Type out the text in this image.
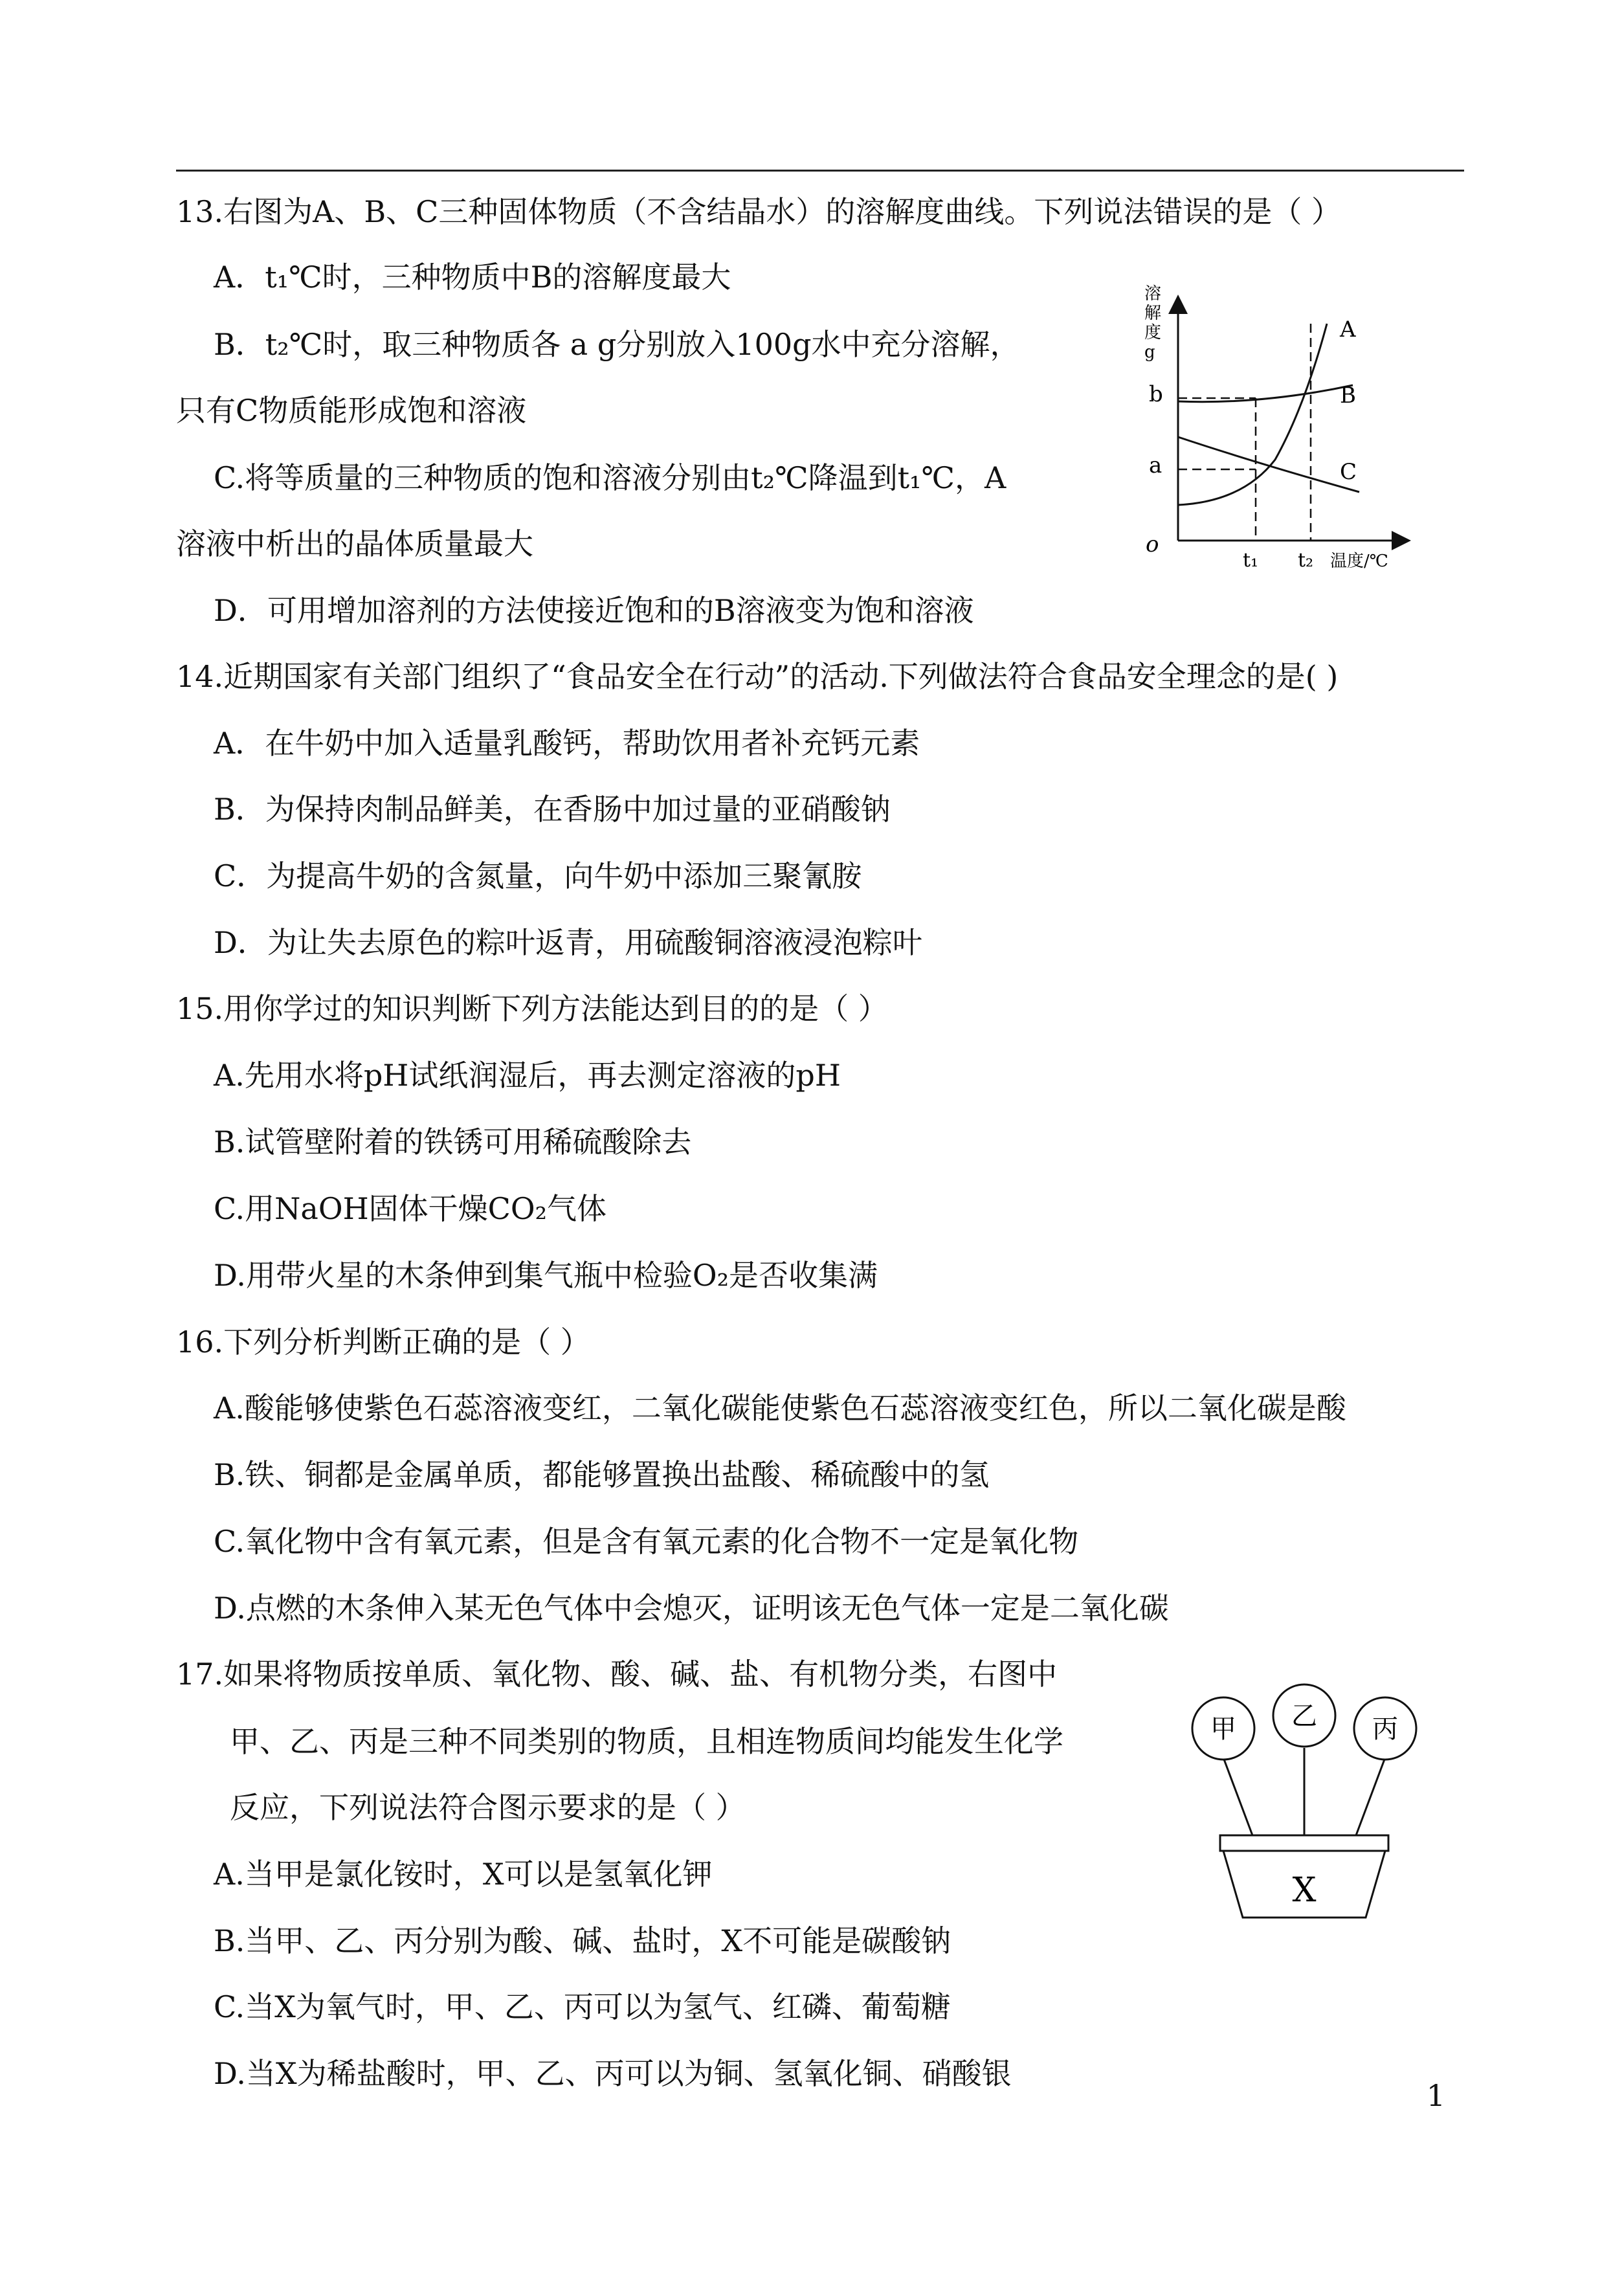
13.右图为A、B、C三种固体物质（不含结晶水）的溶解度曲线。下列说法错误的是（ ）
A．t₁℃时，三种物质中B的溶解度最大
B．t₂℃时，取三种物质各 a g分别放入100g水中充分溶解，
只有C物质能形成饱和溶液
C.将等质量的三种物质的饱和溶液分别由t₂℃降温到t₁℃，A
溶液中析出的晶体质量最大
D．可用增加溶剂的方法使接近饱和的B溶液变为饱和溶液
溶 解 度 g
b
a
o
t₁ t₂ 温度/℃
A
B
C
14.近期国家有关部门组织了“食品安全在行动”的活动.下列做法符合食品安全理念的是( )
A．在牛奶中加入适量乳酸钙，帮助饮用者补充钙元素
B．为保持肉制品鲜美，在香肠中加过量的亚硝酸钠
C．为提高牛奶的含氮量，向牛奶中添加三聚氰胺
D．为让失去原色的粽叶返青，用硫酸铜溶液浸泡粽叶
15.用你学过的知识判断下列方法能达到目的的是（ ）
A.先用水将pH试纸润湿后，再去测定溶液的pH
B.试管壁附着的铁锈可用稀硫酸除去
C.用NaOH固体干燥CO₂气体
D.用带火星的木条伸到集气瓶中检验O₂是否收集满
16.下列分析判断正确的是（ ）
A.酸能够使紫色石蕊溶液变红，二氧化碳能使紫色石蕊溶液变红色，所以二氧化碳是酸
B.铁、铜都是金属单质，都能够置换出盐酸、稀硫酸中的氢
C.氧化物中含有氧元素，但是含有氧元素的化合物不一定是氧化物
D.点燃的木条伸入某无色气体中会熄灭，证明该无色气体一定是二氧化碳
17.如果将物质按单质、氧化物、酸、碱、盐、有机物分类，右图中
甲、乙、丙是三种不同类别的物质，且相连物质间均能发生化学
反应，下列说法符合图示要求的是（ ）
A.当甲是氯化铵时，X可以是氢氧化钾
B.当甲、乙、丙分别为酸、碱、盐时，X不可能是碳酸钠
C.当X为氧气时，甲、乙、丙可以为氢气、红磷、葡萄糖
D.当X为稀盐酸时，甲、乙、丙可以为铜、氢氧化铜、硝酸银
甲 乙 丙
X
1
